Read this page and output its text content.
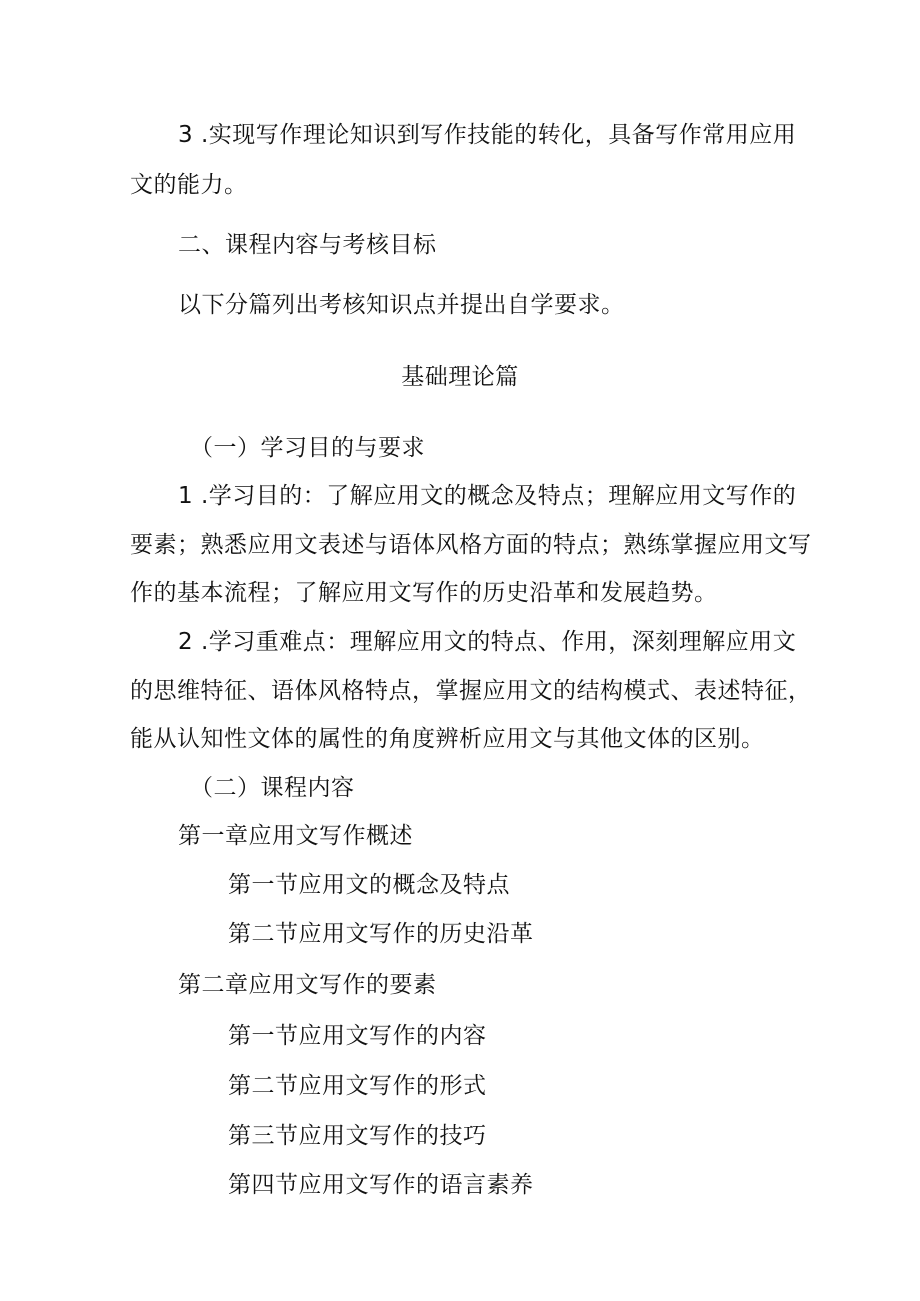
3 .实现写作理论知识到写作技能的转化，具备写作常用应用

文的能力。

二、课程内容与考核目标

以下分篇列出考核知识点并提出自学要求。

基础理论篇

（一）学习目的与要求

1 .学习目的：了解应用文的概念及特点；理解应用文写作的

要素；熟悉应用文表述与语体风格方面的特点；熟练掌握应用文写

作的基本流程；了解应用文写作的历史沿革和发展趋势。

2 .学习重难点：理解应用文的特点、作用，深刻理解应用文

的思维特征、语体风格特点，掌握应用文的结构模式、表述特征，

能从认知性文体的属性的角度辨析应用文与其他文体的区别。

（二）课程内容

第一章应用文写作概述

第一节应用文的概念及特点

第二节应用文写作的历史沿革

第二章应用文写作的要素

第一节应用文写作的内容

第二节应用文写作的形式

第三节应用文写作的技巧

第四节应用文写作的语言素养
